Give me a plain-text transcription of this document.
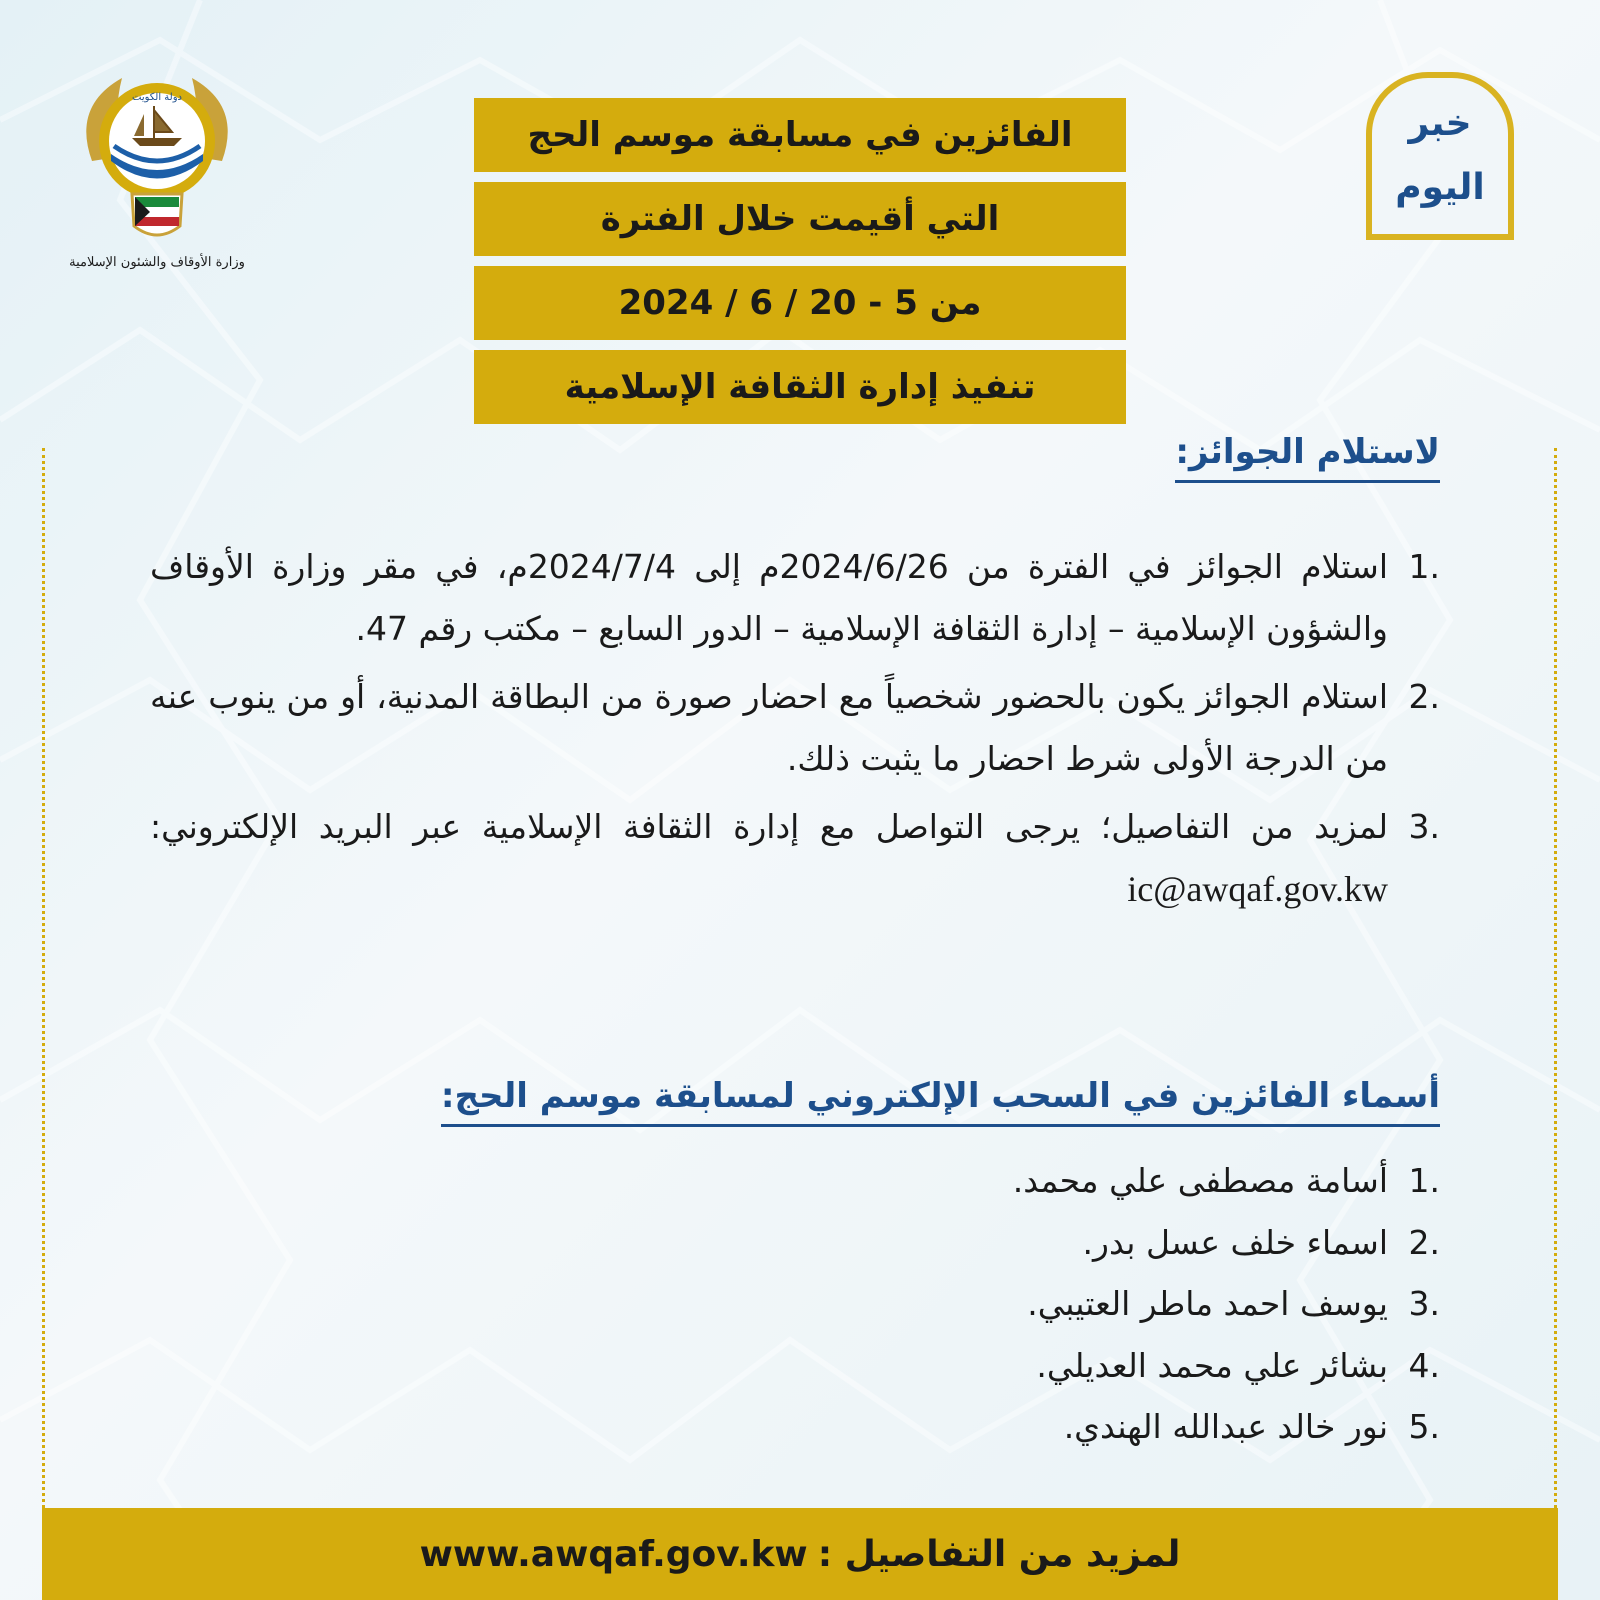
دولة الكويت
وزارة الأوقاف والشئون الإسلامية
خبر
اليوم
الفائزين في مسابقة موسم الحج
التي أقيمت خلال الفترة
من 5 - 20 / 6 / 2024
تنفيذ إدارة الثقافة الإسلامية
لاستلام الجوائز:
1.
استلام الجوائز في الفترة من 2024/6/26م إلى 2024/7/4م، في مقر وزارة الأوقاف والشؤون الإسلامية – إدارة الثقافة الإسلامية – الدور السابع – مكتب رقم 47.
2.
استلام الجوائز يكون بالحضور شخصياً مع احضار صورة من البطاقة المدنية، أو من ينوب عنه من الدرجة الأولى شرط احضار ما يثبت ذلك.
3.
لمزيد من التفاصيل؛ يرجى التواصل مع إدارة الثقافة الإسلامية عبر البريد الإلكتروني: ic@awqaf.gov.kw
أسماء الفائزين في السحب الإلكتروني لمسابقة موسم الحج:
1.
أسامة مصطفى علي محمد.
2.
اسماء خلف عسل بدر.
3.
يوسف احمد ماطر العتيبي.
4.
بشائر علي محمد العديلي.
5.
نور خالد عبدالله الهندي.
لمزيد من التفاصيل :
www.awqaf.gov.kw
